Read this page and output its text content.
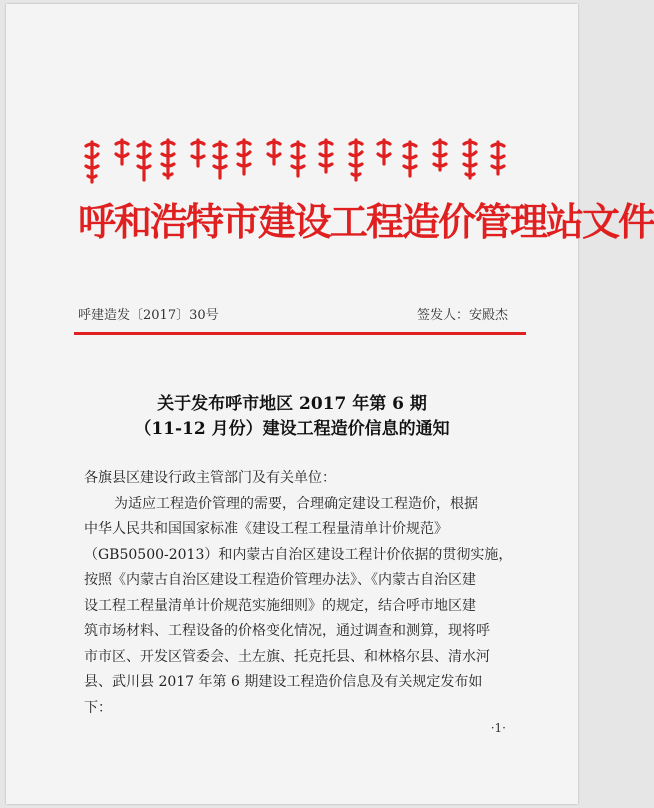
呼和浩特市建设工程造价管理站文件
呼建造发〔2017〕30号	签发人：安殿杰
关于发布呼市地区 2017 年第 6 期
（11-12 月份）建设工程造价信息的通知
各旗县区建设行政主管部门及有关单位：
为适应工程造价管理的需要，合理确定建设工程造价，根据
中华人民共和国国家标准《建设工程工程量清单计价规范》
（GB50500-2013）和内蒙古自治区建设工程计价依据的贯彻实施，
按照《内蒙古自治区建设工程造价管理办法》、《内蒙古自治区建
设工程工程量清单计价规范实施细则》的规定，结合呼市地区建
筑市场材料、工程设备的价格变化情况，通过调查和测算，现将呼
市市区、开发区管委会、土左旗、托克托县、和林格尔县、清水河
县、武川县 2017 年第 6 期建设工程造价信息及有关规定发布如
下：
·1·
